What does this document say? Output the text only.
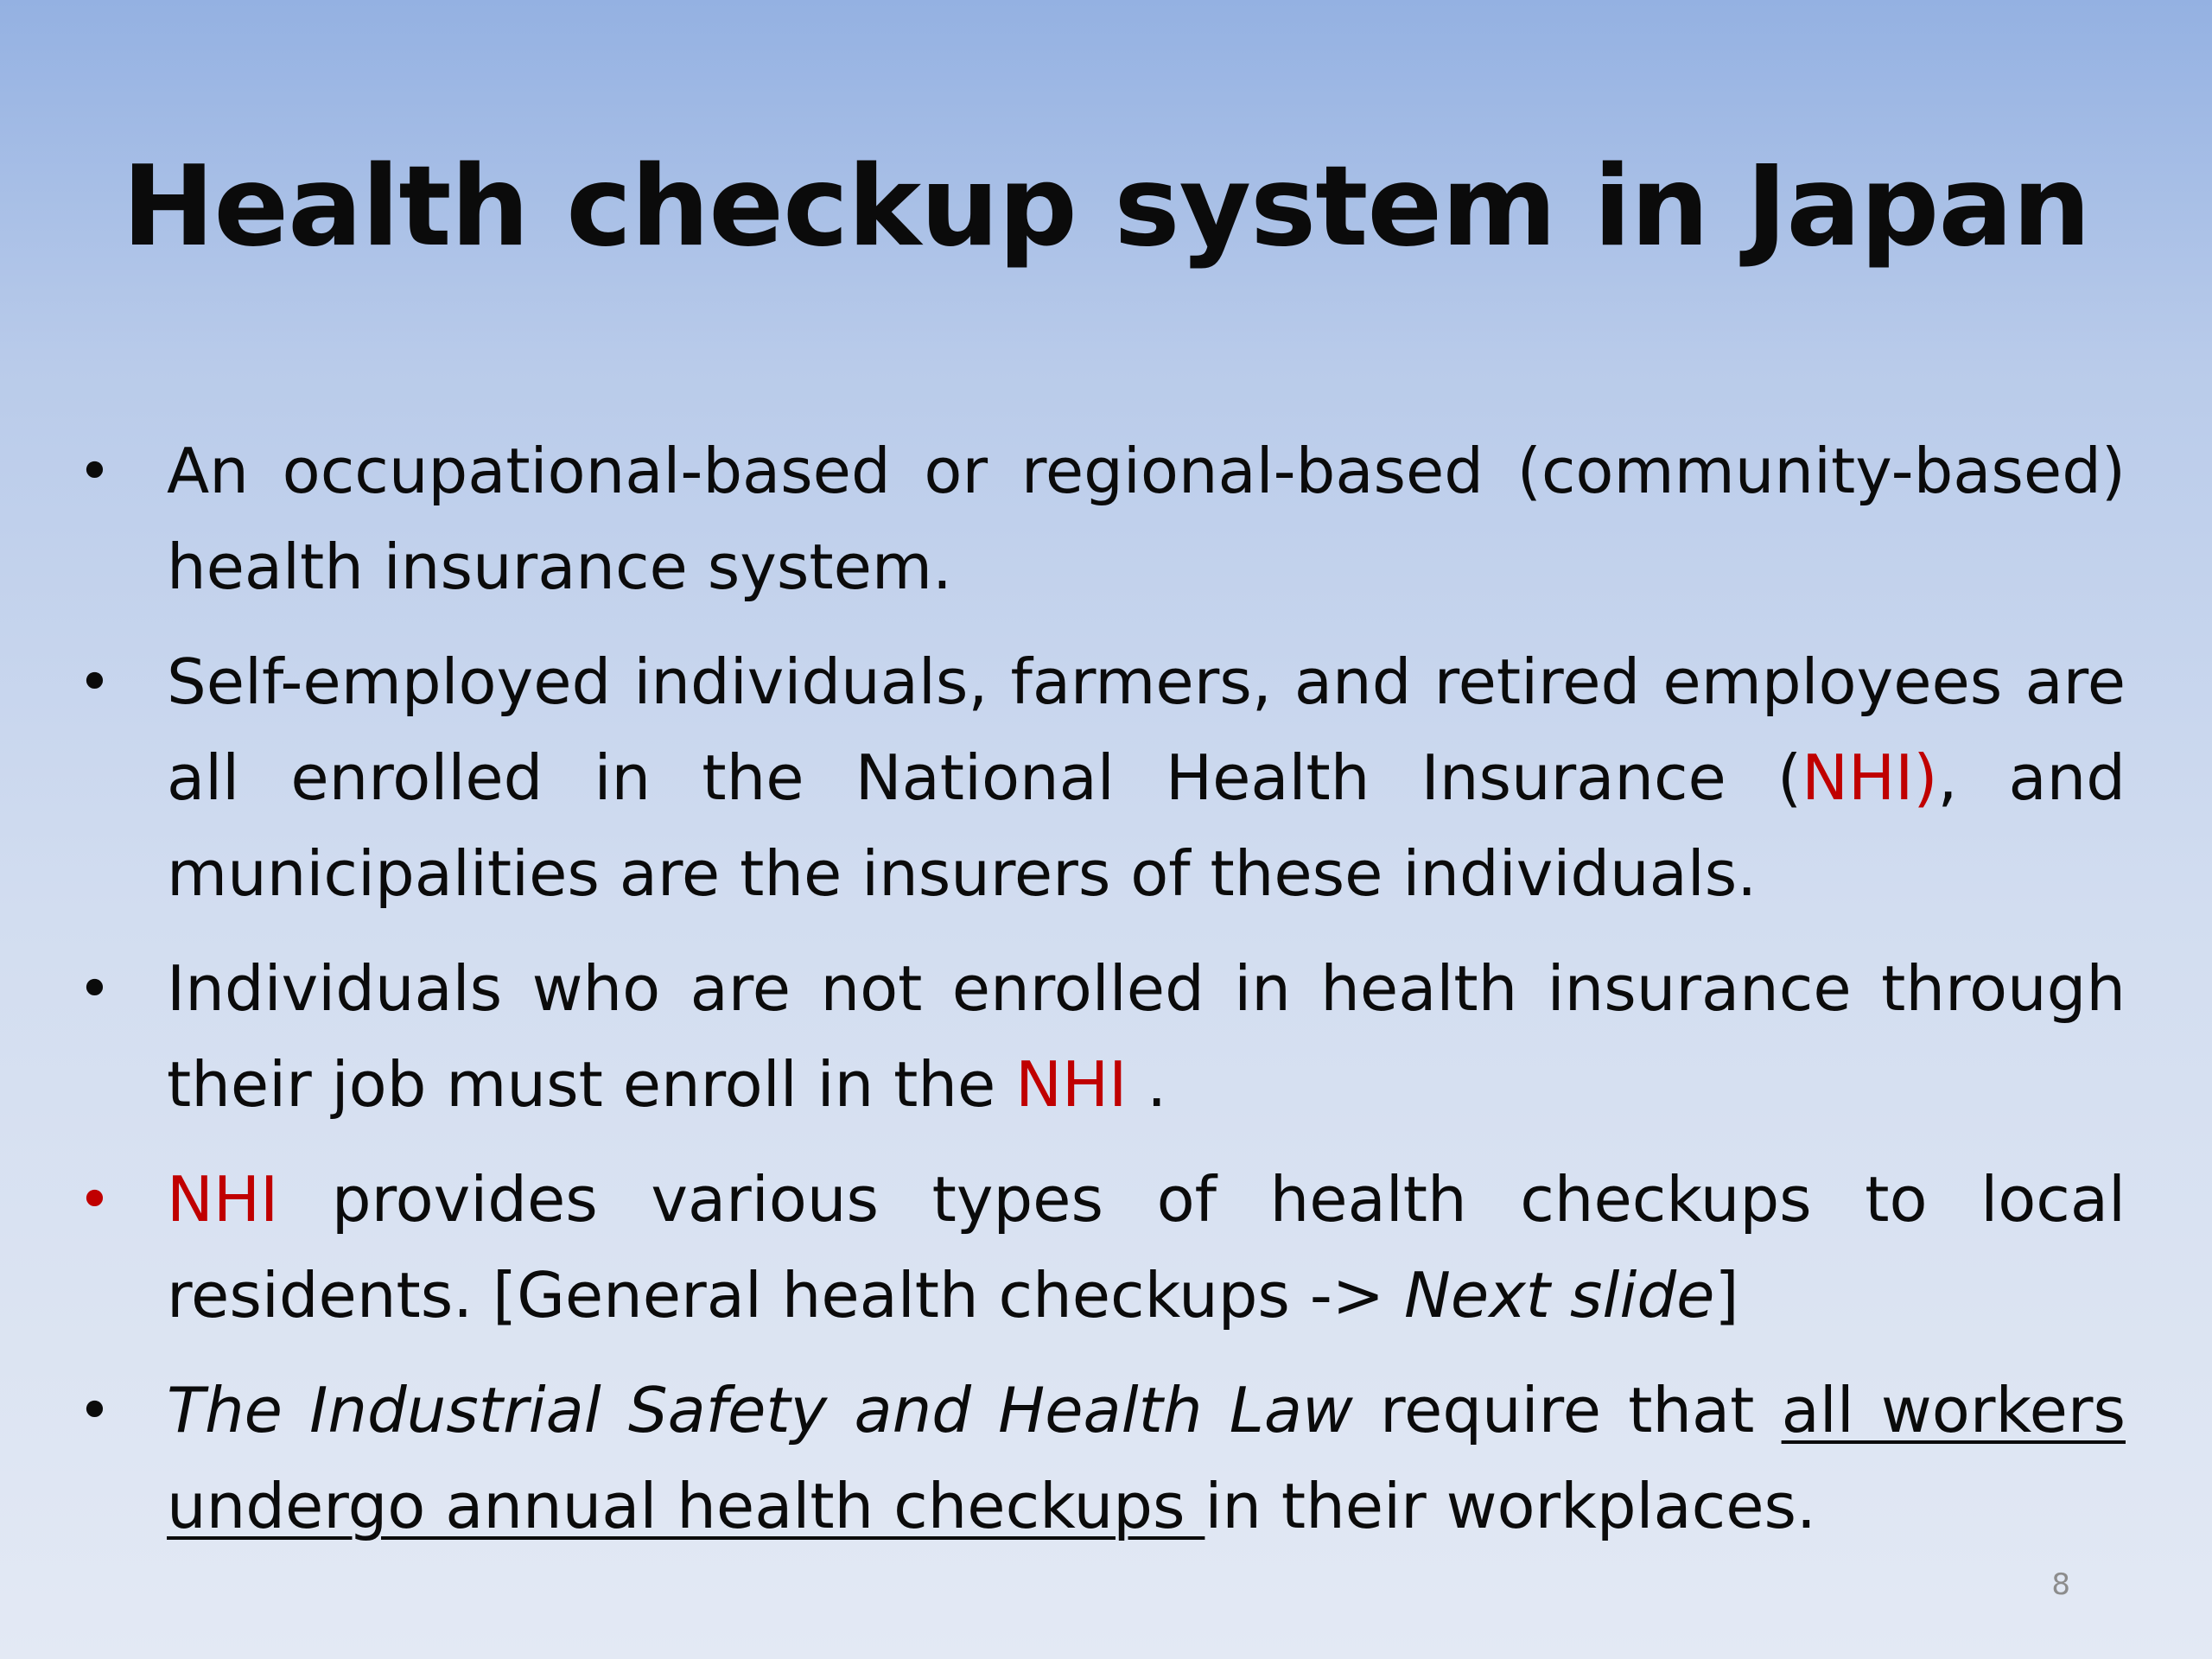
Health checkup system in Japan
• An occupational-based or regional-based (community-based) health insurance system.
• Self-employed individuals, farmers, and retired employees are all enrolled in the National Health Insurance (NHI), and municipalities are the insurers of these individuals.
• Individuals who are not enrolled in health insurance through their job must enroll in the NHI .
• NHI provides various types of health checkups to local residents. [General health checkups -> Next slide]
• The Industrial Safety and Health Law require that all workers undergo annual health checkups in their workplaces.
8
